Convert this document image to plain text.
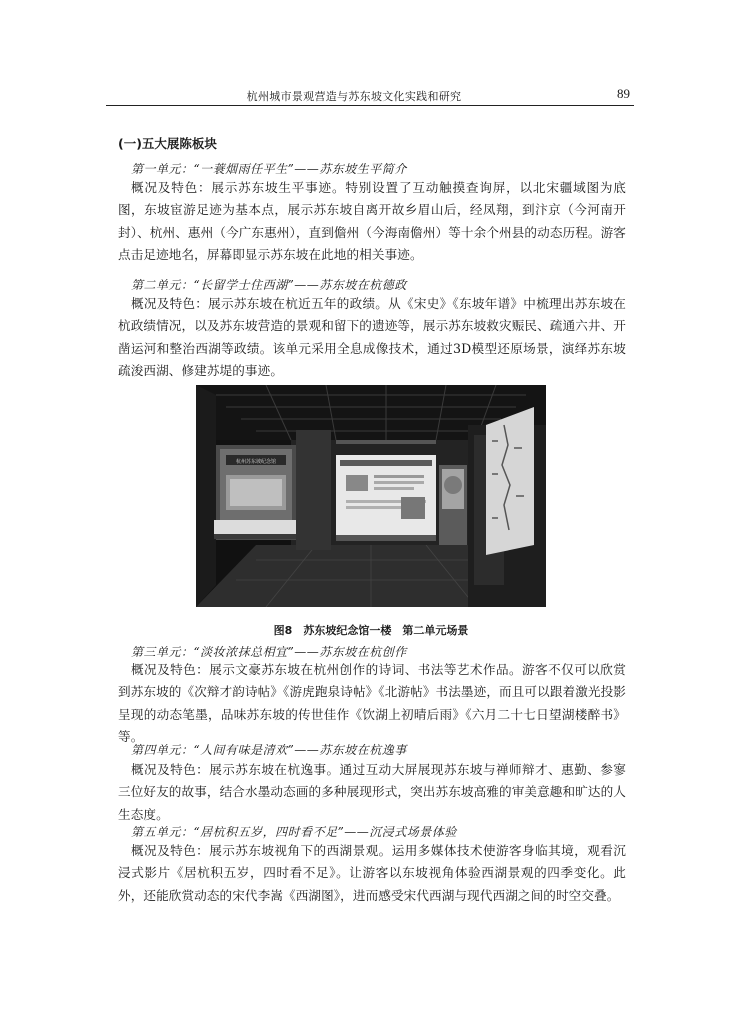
杭州城市景观营造与苏东坡文化实践和研究	89
(一)五大展陈板块
第一单元：“一蓑烟雨任平生”——苏东坡生平简介

概况及特色：展示苏东坡生平事迹。特别设置了互动触摸查询屏，以北宋疆域图为底图，东坡宦游足迹为基本点，展示苏东坡自离开故乡眉山后，经凤翔，到汴京（今河南开封）、杭州、惠州（今广东惠州），直到儋州（今海南儋州）等十余个州县的动态历程。游客点击足迹地名，屏幕即显示苏东坡在此地的相关事迹。

第二单元：“长留学士住西湖”——苏东坡在杭德政

概况及特色：展示苏东坡在杭近五年的政绩。从《宋史》《东坡年谱》中梳理出苏东坡在杭政绩情况，以及苏东坡营造的景观和留下的遗迹等，展示苏东坡救灾赈民、疏通六井、开凿运河和整治西湖等政绩。该单元采用全息成像技术，通过3D模型还原场景，演绎苏东坡疏浚西湖、修建苏堤的事迹。

杭州苏东坡纪念馆
图8　苏东坡纪念馆一楼　第二单元场景
第三单元：“淡妆浓抹总相宜”——苏东坡在杭创作

概况及特色：展示文豪苏东坡在杭州创作的诗词、书法等艺术作品。游客不仅可以欣赏到苏东坡的《次辩才韵诗帖》《游虎跑泉诗帖》《北游帖》书法墨迹，而且可以跟着激光投影呈现的动态笔墨，品味苏东坡的传世佳作《饮湖上初晴后雨》《六月二十七日望湖楼醉书》等。

第四单元：“人间有味是清欢”——苏东坡在杭逸事

概况及特色：展示苏东坡在杭逸事。通过互动大屏展现苏东坡与禅师辩才、惠勤、参寥三位好友的故事，结合水墨动态画的多种展现形式，突出苏东坡高雅的审美意趣和旷达的人生态度。

第五单元：“居杭积五岁，四时看不足”——沉浸式场景体验

概况及特色：展示苏东坡视角下的西湖景观。运用多媒体技术使游客身临其境，观看沉浸式影片《居杭积五岁，四时看不足》。让游客以东坡视角体验西湖景观的四季变化。此外，还能欣赏动态的宋代李嵩《西湖图》，进而感受宋代西湖与现代西湖之间的时空交叠。
